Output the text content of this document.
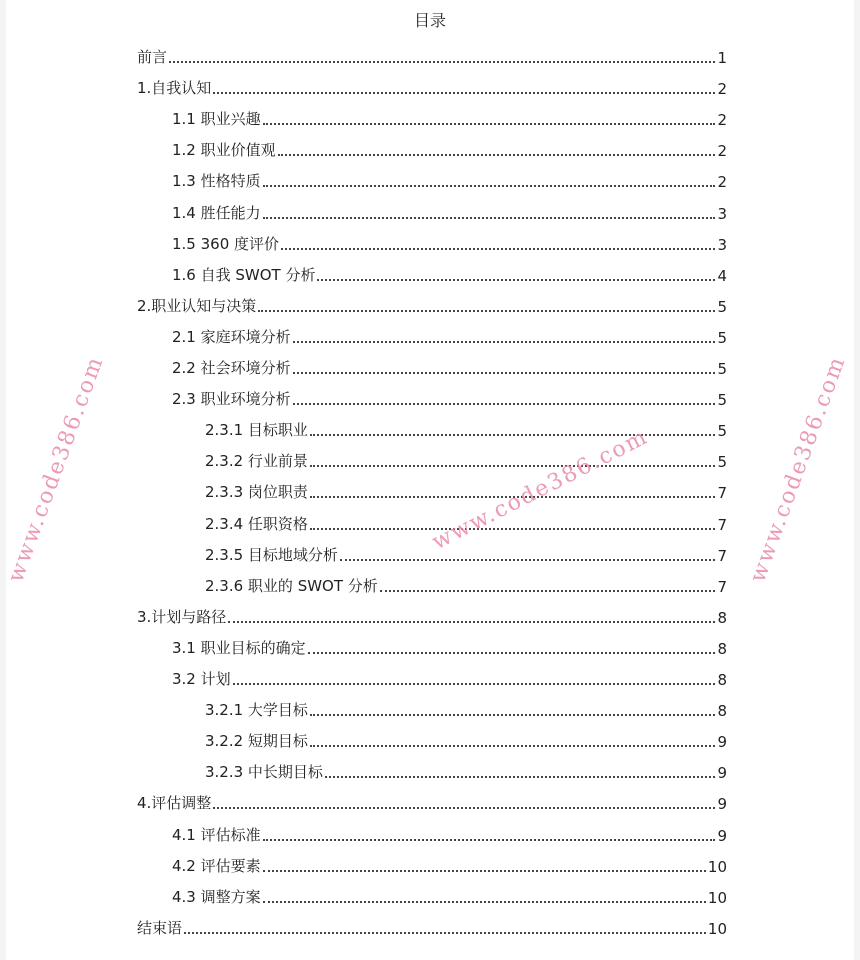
目录
前言	1
1.自我认知	2
1.1 职业兴趣	2
1.2 职业价值观	2
1.3 性格特质	2
1.4 胜任能力	3
1.5 360 度评价	3
1.6 自我 SWOT 分析	4
2.职业认知与决策	5
2.1 家庭环境分析	5
2.2 社会环境分析	5
2.3 职业环境分析	5
2.3.1 目标职业	5
2.3.2 行业前景	5
2.3.3 岗位职责	7
2.3.4 任职资格	7
2.3.5 目标地域分析	7
2.3.6 职业的 SWOT 分析	7
3.计划与路径	8
3.1 职业目标的确定	8
3.2 计划	8
3.2.1 大学目标	8
3.2.2 短期目标	9
3.2.3 中长期目标	9
4.评估调整	9
4.1 评估标准	9
4.2 评估要素	10
4.3 调整方案	10
结束语	10
www.code386.com	www.code386.com	www.code386.com
